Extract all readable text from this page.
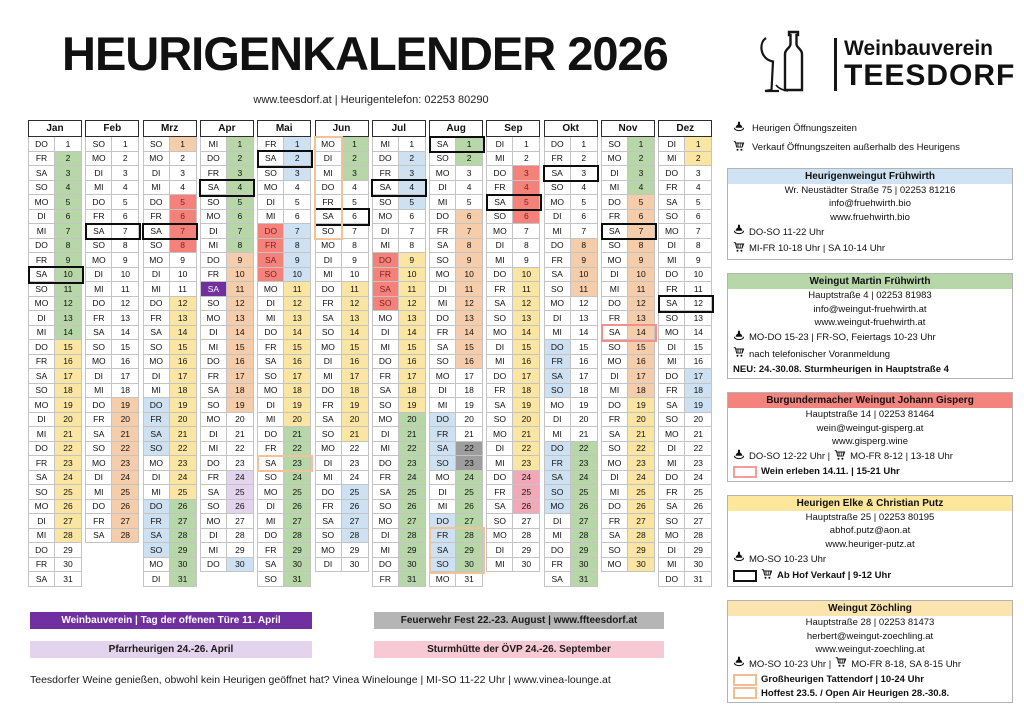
HEURIGENKALENDER 2026
www.teesdorf.at | Heurigentelefon: 02253 80290
Weinbauverein
TEESDORF
Jan
DO	1
FR	2
SA	3
SO	4
MO	5
DI	6
MI	7
DO	8
FR	9
SA	10
SO	11
MO	12
DI	13
MI	14
DO	15
FR	16
SA	17
SO	18
MO	19
DI	20
MI	21
DO	22
FR	23
SA	24
SO	25
MO	26
DI	27
MI	28
DO	29
FR	30
SA	31
Feb
SO	1
MO	2
DI	3
MI	4
DO	5
FR	6
SA	7
SO	8
MO	9
DI	10
MI	11
DO	12
FR	13
SA	14
SO	15
MO	16
DI	17
MI	18
DO	19
FR	20
SA	21
SO	22
MO	23
DI	24
MI	25
DO	26
FR	27
SA	28
Mrz
SO	1
MO	2
DI	3
MI	4
DO	5
FR	6
SA	7
SO	8
MO	9
DI	10
MI	11
DO	12
FR	13
SA	14
SO	15
MO	16
DI	17
MI	18
DO	19
FR	20
SA	21
SO	22
MO	23
DI	24
MI	25
DO	26
FR	27
SA	28
SO	29
MO	30
DI	31
Apr
MI	1
DO	2
FR	3
SA	4
SO	5
MO	6
DI	7
MI	8
DO	9
FR	10
SA	11
SO	12
MO	13
DI	14
MI	15
DO	16
FR	17
SA	18
SO	19
MO	20
DI	21
MI	22
DO	23
FR	24
SA	25
SO	26
MO	27
DI	28
MI	29
DO	30
Mai
FR	1
SA	2
SO	3
MO	4
DI	5
MI	6
DO	7
FR	8
SA	9
SO	10
MO	11
DI	12
MI	13
DO	14
FR	15
SA	16
SO	17
MO	18
DI	19
MI	20
DO	21
FR	22
SA	23
SO	24
MO	25
DI	26
MI	27
DO	28
FR	29
SA	30
SO	31
Jun
MO	1
DI	2
MI	3
DO	4
FR	5
SA	6
SO	7
MO	8
DI	9
MI	10
DO	11
FR	12
SA	13
SO	14
MO	15
DI	16
MI	17
DO	18
FR	19
SA	20
SO	21
MO	22
DI	23
MI	24
DO	25
FR	26
SA	27
SO	28
MO	29
DI	30
Jul
MI	1
DO	2
FR	3
SA	4
SO	5
MO	6
DI	7
MI	8
DO	9
FR	10
SA	11
SO	12
MO	13
DI	14
MI	15
DO	16
FR	17
SA	18
SO	19
MO	20
DI	21
MI	22
DO	23
FR	24
SA	25
SO	26
MO	27
DI	28
MI	29
DO	30
FR	31
Aug
SA	1
SO	2
MO	3
DI	4
MI	5
DO	6
FR	7
SA	8
SO	9
MO	10
DI	11
MI	12
DO	13
FR	14
SA	15
SO	16
MO	17
DI	18
MI	19
DO	20
FR	21
SA	22
SO	23
MO	24
DI	25
MI	26
DO	27
FR	28
SA	29
SO	30
MO	31
Sep
DI	1
MI	2
DO	3
FR	4
SA	5
SO	6
MO	7
DI	8
MI	9
DO	10
FR	11
SA	12
SO	13
MO	14
DI	15
MI	16
DO	17
FR	18
SA	19
SO	20
MO	21
DI	22
MI	23
DO	24
FR	25
SA	26
SO	27
MO	28
DI	29
MI	30
Okt
DO	1
FR	2
SA	3
SO	4
MO	5
DI	6
MI	7
DO	8
FR	9
SA	10
SO	11
MO	12
DI	13
MI	14
DO	15
FR	16
SA	17
SO	18
MO	19
DI	20
MI	21
DO	22
FR	23
SA	24
SO	25
MO	26
DI	27
MI	28
DO	29
FR	30
SA	31
Nov
SO	1
MO	2
DI	3
MI	4
DO	5
FR	6
SA	7
SO	8
MO	9
DI	10
MI	11
DO	12
FR	13
SA	14
SO	15
MO	16
DI	17
MI	18
DO	19
FR	20
SA	21
SO	22
MO	23
DI	24
MI	25
DO	26
FR	27
SA	28
SO	29
MO	30
Dez
DI	1
MI	2
DO	3
FR	4
SA	5
SO	6
MO	7
DI	8
MI	9
DO	10
FR	11
SA	12
SO	13
MO	14
DI	15
MI	16
DO	17
FR	18
SA	19
SO	20
MO	21
DI	22
MI	23
DO	24
FR	25
SA	26
SO	27
MO	28
DI	29
MI	30
DO	31
Heurigen Öffnungszeiten
Verkauf Öffnungszeiten außerhalb des Heurigens
Heurigenweingut Frühwirth
Wr. Neustädter Straße 75 | 02253 81216
info@fruehwirth.bio
www.fruehwirth.bio
DO-SO 11-22 Uhr
MI-FR 10-18 Uhr | SA 10-14 Uhr
Weingut Martin Frühwirth
Hauptstraße 4 | 02253 81983
info@weingut-fruehwirth.at
www.weingut-fruehwirth.at
MO-DO 15-23 | FR-SO, Feiertags 10-23 Uhr
nach telefonischer Voranmeldung
NEU: 24.-30.08. Sturmheurigen in Hauptstraße 4
Burgundermacher Weingut Johann Gisperg
Hauptstraße 14 | 02253 81464
wein@weingut-gisperg.at
www.gisperg.wine
DO-SO 12-22 Uhr | MO-FR 8-12 | 13-18 Uhr
Wein erleben 14.11. | 15-21 Uhr
Heurigen Elke & Christian Putz
Hauptstraße 25 | 02253 80195
abhof.putz@aon.at
www.heuriger-putz.at
MO-SO 10-23 Uhr
Ab Hof Verkauf | 9-12 Uhr
Weingut Zöchling
Hauptstraße 28 | 02253 81473
herbert@weingut-zoechling.at
www.weingut-zoechling.at
MO-SO 10-23 Uhr | MO-FR 8-18, SA 8-15 Uhr
Großheurigen Tattendorf | 10-24 Uhr
Hoffest 23.5. / Open Air Heurigen 28.-30.8.
Weinbauverein | Tag der offenen Türe 11. April
Pfarrheurigen 24.-26. April
Feuerwehr Fest 22.-23. August | www.ffteesdorf.at
Sturmhütte der ÖVP 24.-26. September
Teesdorfer Weine genießen, obwohl kein Heurigen geöffnet hat? Vinea Winelounge | MI-SO 11-22 Uhr | www.vinea-lounge.at
